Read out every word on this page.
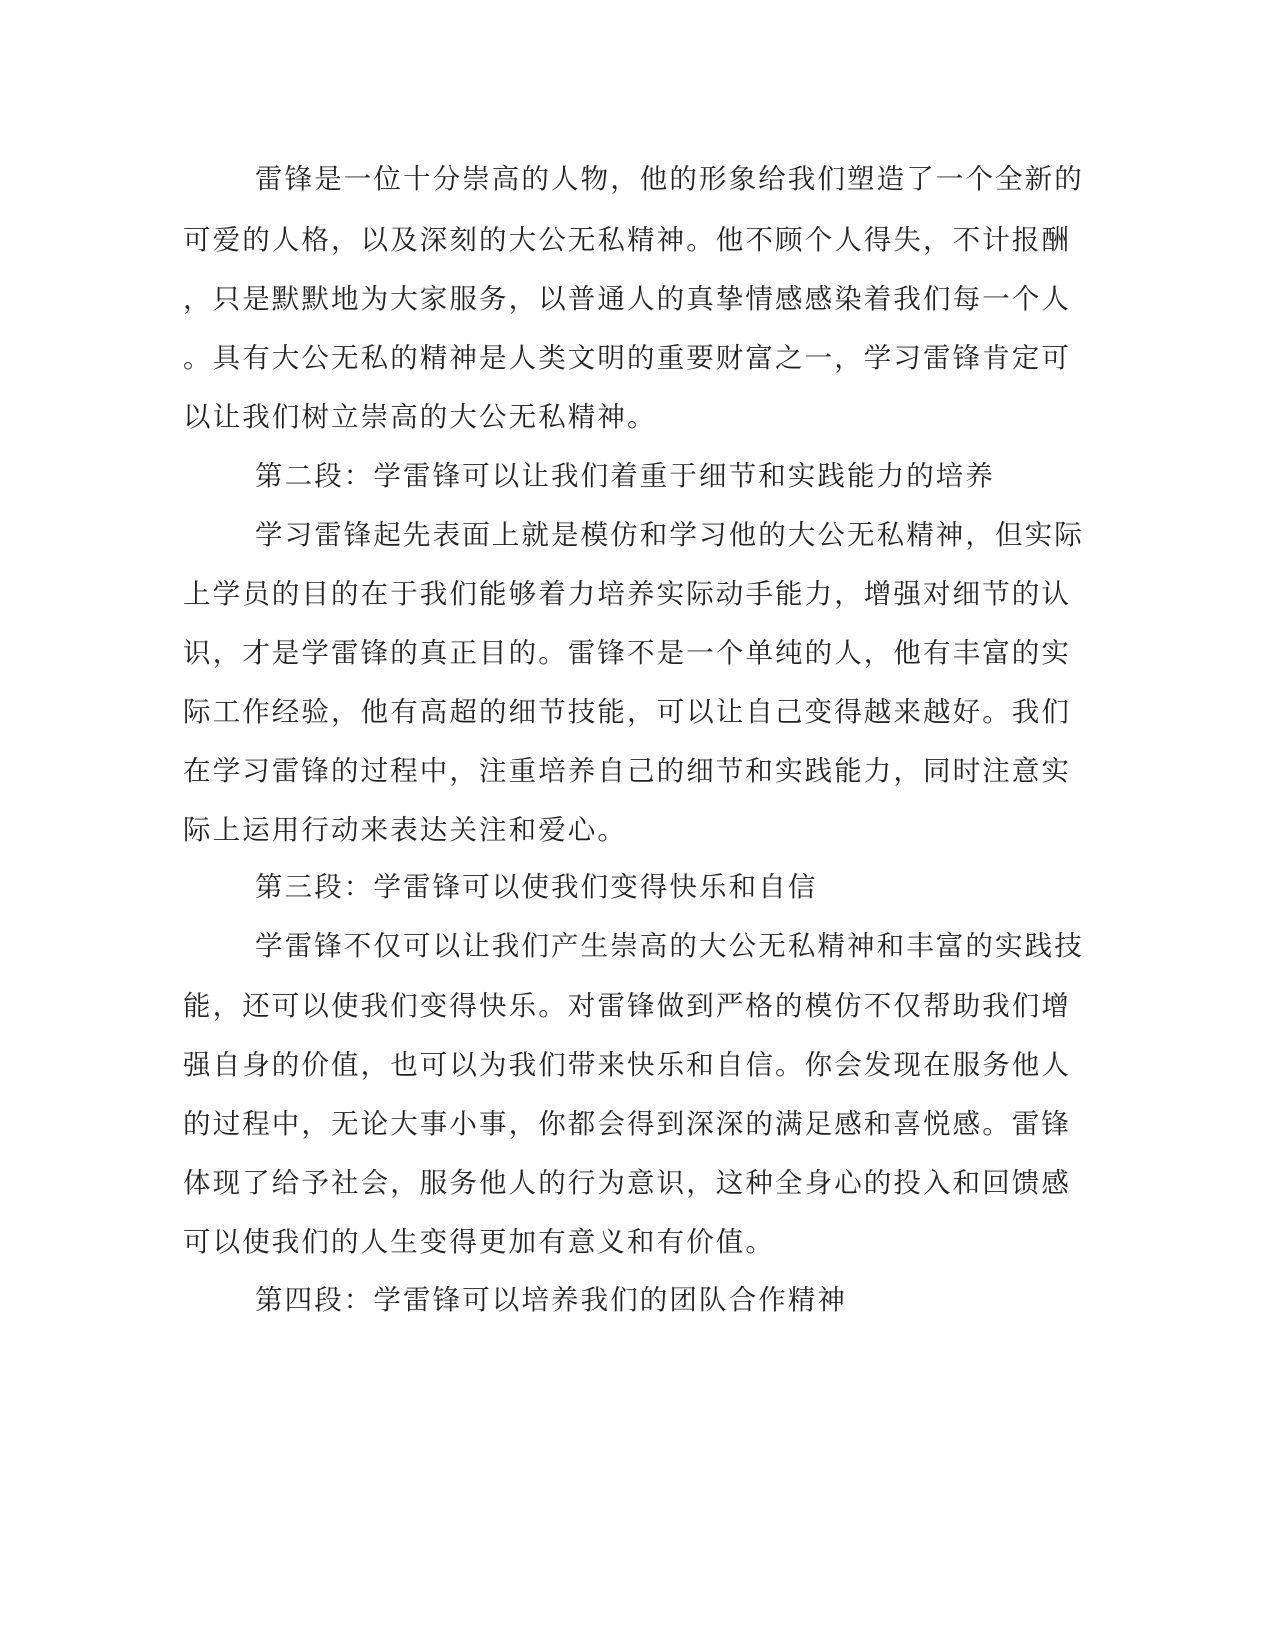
雷锋是一位十分崇高的人物，他的形象给我们塑造了一个全新的
可爱的人格，以及深刻的大公无私精神。他不顾个人得失，不计报酬
，只是默默地为大家服务，以普通人的真挚情感感染着我们每一个人
。具有大公无私的精神是人类文明的重要财富之一，学习雷锋肯定可
以让我们树立崇高的大公无私精神。
第二段：学雷锋可以让我们着重于细节和实践能力的培养
学习雷锋起先表面上就是模仿和学习他的大公无私精神，但实际
上学员的目的在于我们能够着力培养实际动手能力，增强对细节的认
识，才是学雷锋的真正目的。雷锋不是一个单纯的人，他有丰富的实
际工作经验，他有高超的细节技能，可以让自己变得越来越好。我们
在学习雷锋的过程中，注重培养自己的细节和实践能力，同时注意实
际上运用行动来表达关注和爱心。
第三段：学雷锋可以使我们变得快乐和自信
学雷锋不仅可以让我们产生崇高的大公无私精神和丰富的实践技
能，还可以使我们变得快乐。对雷锋做到严格的模仿不仅帮助我们增
强自身的价值，也可以为我们带来快乐和自信。你会发现在服务他人
的过程中，无论大事小事，你都会得到深深的满足感和喜悦感。雷锋
体现了给予社会，服务他人的行为意识，这种全身心的投入和回馈感
可以使我们的人生变得更加有意义和有价值。
第四段：学雷锋可以培养我们的团队合作精神
